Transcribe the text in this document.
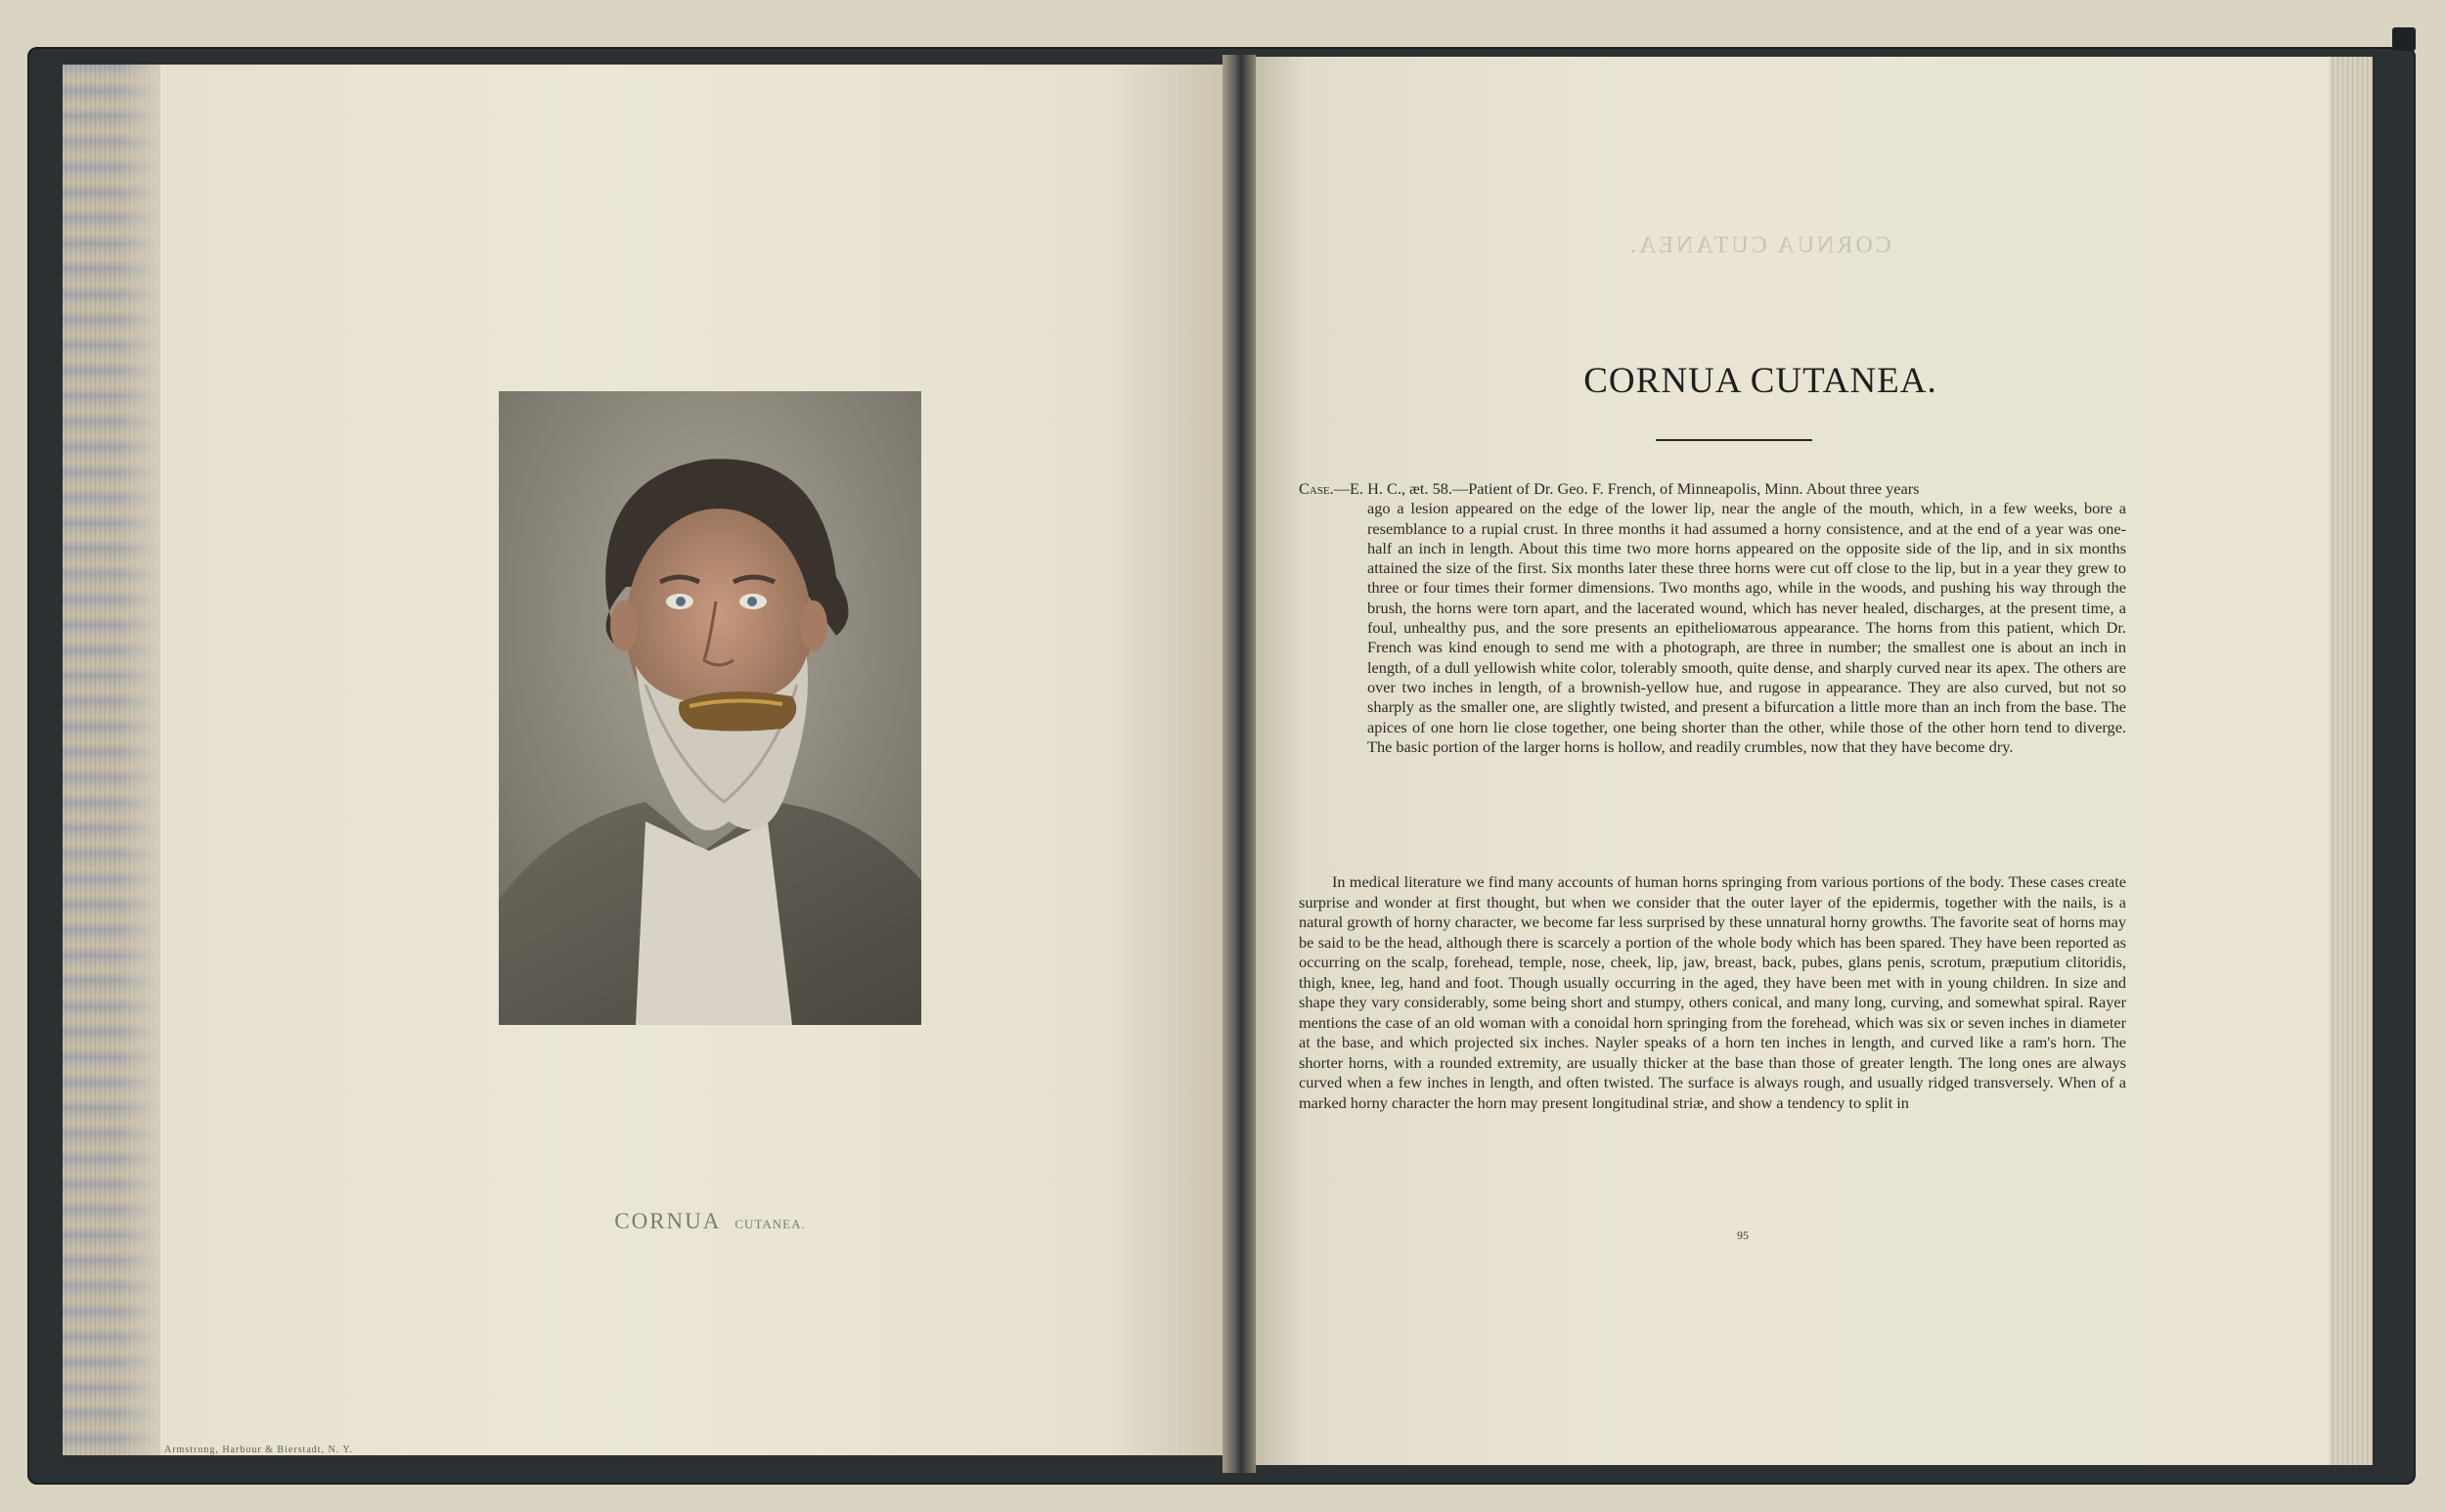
CORNUA CUTANEA.
Armstrong, Harbour & Bierstadt, N. Y.
CORNUA CUTANEA.
CORNUA CUTANEA.
Case.—E. H. C., æt. 58.—Patient of Dr. Geo. F. French, of Minneapolis, Minn. About three years
ago a lesion appeared on the edge of the lower lip, near the angle of the mouth, which, in a few weeks, bore a resemblance to a rupial crust. In three months it had assumed a horny consistence, and at the end of a year was one-half an inch in length. About this time two more horns appeared on the opposite side of the lip, and in six months attained the size of the first. Six months later these three horns were cut off close to the lip, but in a year they grew to three or four times their former dimensions. Two months ago, while in the woods, and pushing his way through the brush, the horns were torn apart, and the lacerated wound, which has never healed, discharges, at the present time, a foul, unhealthy pus, and the sore presents an epithelioматous appearance. The horns from this patient, which Dr. French was kind enough to send me with a photograph, are three in number; the smallest one is about an inch in length, of a dull yellowish white color, tolerably smooth, quite dense, and sharply curved near its apex. The others are over two inches in length, of a brownish-yellow hue, and rugose in appearance. They are also curved, but not so sharply as the smaller one, are slightly twisted, and present a bifurcation a little more than an inch from the base. The apices of one horn lie close together, one being shorter than the other, while those of the other horn tend to diverge. The basic portion of the larger horns is hollow, and readily crumbles, now that they have become dry.
In medical literature we find many accounts of human horns springing from various portions of the body. These cases create surprise and wonder at first thought, but when we consider that the outer layer of the epidermis, together with the nails, is a natural growth of horny character, we become far less surprised by these unnatural horny growths. The favorite seat of horns may be said to be the head, although there is scarcely a portion of the whole body which has been spared. They have been reported as occurring on the scalp, forehead, temple, nose, cheek, lip, jaw, breast, back, pubes, glans penis, scrotum, præputium clitoridis, thigh, knee, leg, hand and foot. Though usually occurring in the aged, they have been met with in young children. In size and shape they vary considerably, some being short and stumpy, others conical, and many long, curving, and somewhat spiral. Rayer mentions the case of an old woman with a conoidal horn springing from the forehead, which was six or seven inches in diameter at the base, and which projected six inches. Nayler speaks of a horn ten inches in length, and curved like a ram's horn. The shorter horns, with a rounded extremity, are usually thicker at the base than those of greater length. The long ones are always curved when a few inches in length, and often twisted. The surface is always rough, and usually ridged transversely. When of a marked horny character the horn may present longitudinal striæ, and show a tendency to split in
95
